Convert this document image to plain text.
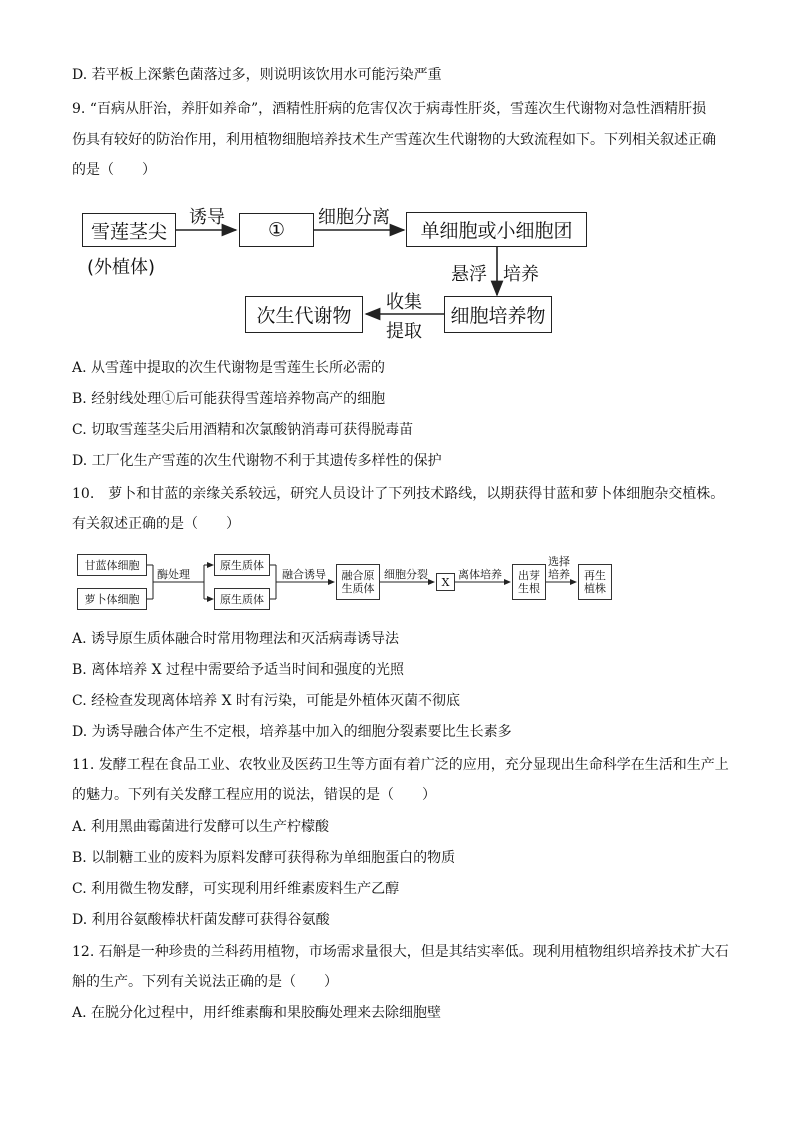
D. 若平板上深紫色菌落过多，则说明该饮用水可能污染严重
9. “百病从肝治，养肝如养命”，酒精性肝病的危害仅次于病毒性肝炎，雪莲次生代谢物对急性酒精肝损
伤具有较好的防治作用，利用植物细胞培养技术生产雪莲次生代谢物的大致流程如下。下列相关叙述正确
的是（　　）
雪莲茎尖
(外植体)
诱导
①
细胞分离
单细胞或小细胞团
悬浮 培养
细胞培养物
收集
提取
次生代谢物
A. 从雪莲中提取的次生代谢物是雪莲生长所必需的
B. 经射线处理①后可能获得雪莲培养物高产的细胞
C. 切取雪莲茎尖后用酒精和次氯酸钠消毒可获得脱毒苗
D. 工厂化生产雪莲的次生代谢物不利于其遗传多样性的保护
10.　萝卜和甘蓝的亲缘关系较远，研究人员设计了下列技术路线，以期获得甘蓝和萝卜体细胞杂交植株。
有关叙述正确的是（　　）
甘蓝体细胞
萝卜体细胞
酶处理
原生质体
原生质体
融合诱导 融合原
生质体
细胞分裂
X
离体培养 出芽
生根
选择
培养 再生
植株
A. 诱导原生质体融合时常用物理法和灭活病毒诱导法
B. 离体培养 X 过程中需要给予适当时间和强度的光照
C. 经检查发现离体培养 X 时有污染，可能是外植体灭菌不彻底
D. 为诱导融合体产生不定根，培养基中加入的细胞分裂素要比生长素多
11. 发酵工程在食品工业、农牧业及医药卫生等方面有着广泛的应用，充分显现出生命科学在生活和生产上
的魅力。下列有关发酵工程应用的说法，错误的是（　　）
A. 利用黑曲霉菌进行发酵可以生产柠檬酸
B. 以制糖工业的废料为原料发酵可获得称为单细胞蛋白的物质
C. 利用微生物发酵，可实现利用纤维素废料生产乙醇
D. 利用谷氨酸棒状杆菌发酵可获得谷氨酸
12. 石斛是一种珍贵的兰科药用植物，市场需求量很大，但是其结实率低。现利用植物组织培养技术扩大石
斛的生产。下列有关说法正确的是（　　）
A. 在脱分化过程中，用纤维素酶和果胶酶处理来去除细胞壁
